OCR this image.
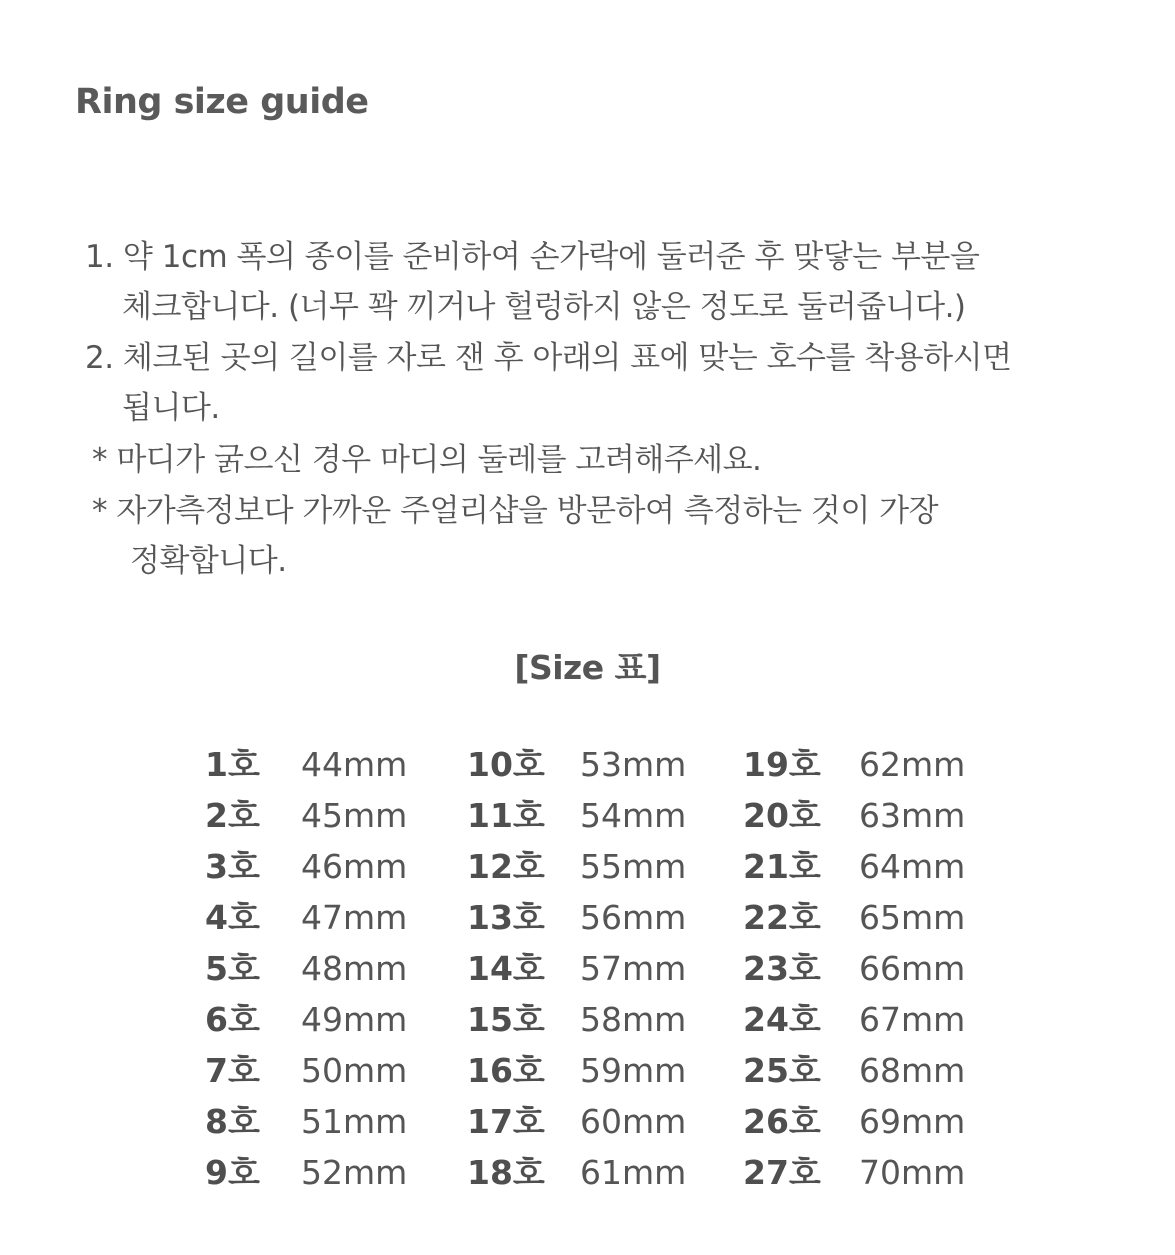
Ring size guide
1. 약 1cm 폭의 종이를 준비하여 손가락에 둘러준 후 맞닿는 부분을
체크합니다. (너무 꽉 끼거나 헐렁하지 않은 정도로 둘러줍니다.)
2. 체크된 곳의 길이를 자로 잰 후 아래의 표에 맞는 호수를 착용하시면
됩니다.
* 마디가 굵으신 경우 마디의 둘레를 고려해주세요.
* 자가측정보다 가까운 주얼리샵을 방문하여 측정하는 것이 가장
정확합니다.
[Size 표]
1호 44mm
2호 45mm
3호 46mm
4호 47mm
5호 48mm
6호 49mm
7호 50mm
8호 51mm
9호 52mm
10호 53mm
11호 54mm
12호 55mm
13호 56mm
14호 57mm
15호 58mm
16호 59mm
17호 60mm
18호 61mm
19호 62mm
20호 63mm
21호 64mm
22호 65mm
23호 66mm
24호 67mm
25호 68mm
26호 69mm
27호 70mm
